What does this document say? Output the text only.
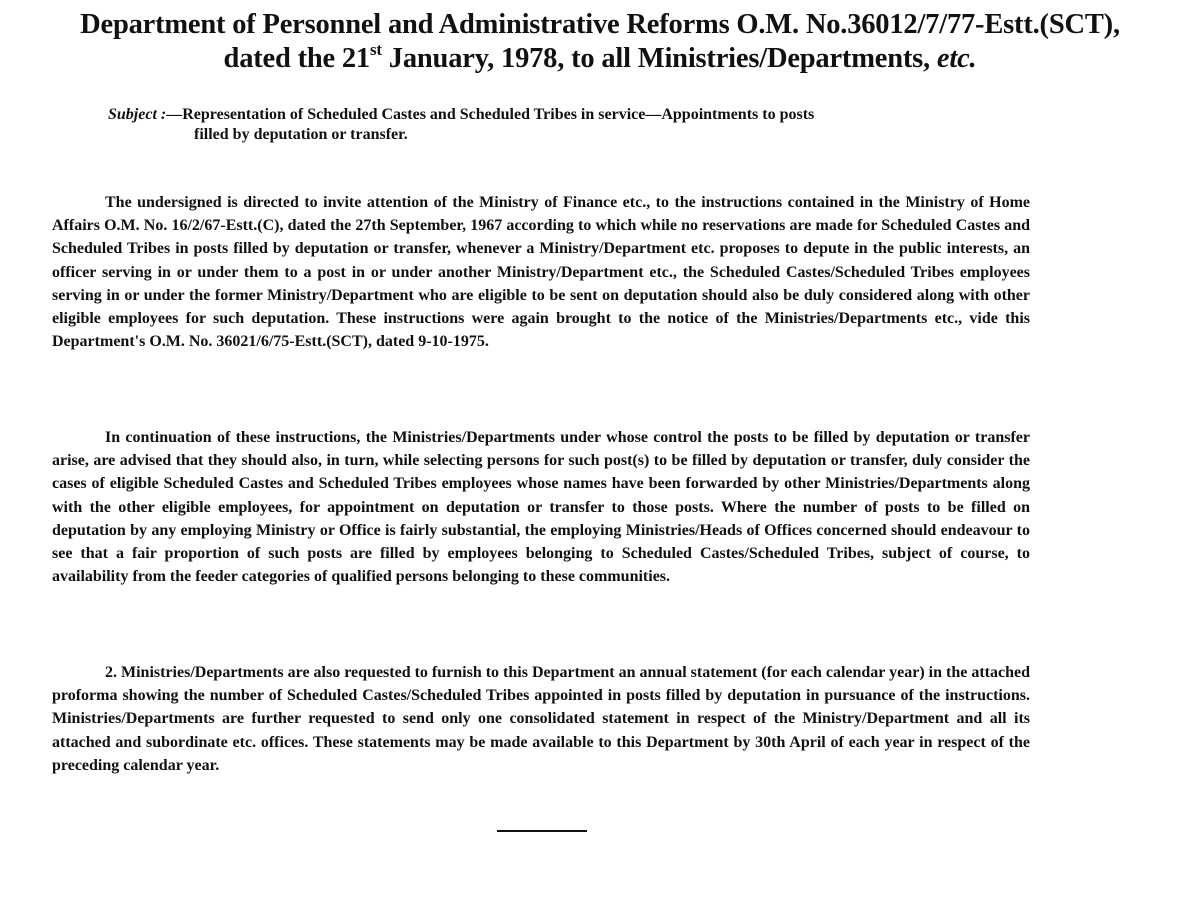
Department of Personnel and Administrative Reforms O.M. No.36012/7/77-Estt.(SCT),
dated the 21st January, 1978, to all Ministries/Departments, etc.
Subject :—Representation of Scheduled Castes and Scheduled Tribes in service—Appointments to posts
filled by deputation or transfer.

The undersigned is directed to invite attention of the Ministry of Finance etc., to the instructions contained in the Ministry of Home Affairs O.M. No. 16/2/67-Estt.(C), dated the 27th September, 1967 according to which while no reservations are made for Scheduled Castes and Scheduled Tribes in posts filled by deputation or transfer, whenever a Ministry/Department etc. proposes to depute in the public interests, an officer serving in or under them to a post in or under another Ministry/Department etc., the Scheduled Castes/Scheduled Tribes employees serving in or under the former Ministry/Department who are eligible to be sent on deputation should also be duly considered along with other eligible employees for such deputation. These instructions were again brought to the notice of the Ministries/Departments etc., vide this Department's O.M. No. 36021/6/75-Estt.(SCT), dated 9-10-1975.

In continuation of these instructions, the Ministries/Departments under whose control the posts to be filled by deputation or transfer arise, are advised that they should also, in turn, while selecting persons for such post(s) to be filled by deputation or transfer, duly consider the cases of eligible Scheduled Castes and Scheduled Tribes employees whose names have been forwarded by other Ministries/Departments along with the other eligible employees, for appointment on deputation or transfer to those posts. Where the number of posts to be filled on deputation by any employing Ministry or Office is fairly substantial, the employing Ministries/Heads of Offices concerned should endeavour to see that a fair proportion of such posts are filled by employees belonging to Scheduled Castes/Scheduled Tribes, subject of course, to availability from the feeder categories of qualified persons belonging to these communities.

2. Ministries/Departments are also requested to furnish to this Department an annual statement (for each calendar year) in the attached proforma showing the number of Scheduled Castes/Scheduled Tribes appointed in posts filled by deputation in pursuance of the instructions. Ministries/Departments are further requested to send only one consolidated statement in respect of the Ministry/Department and all its attached and subordinate etc. offices. These statements may be made available to this Department by 30th April of each year in respect of the preceding calendar year.
